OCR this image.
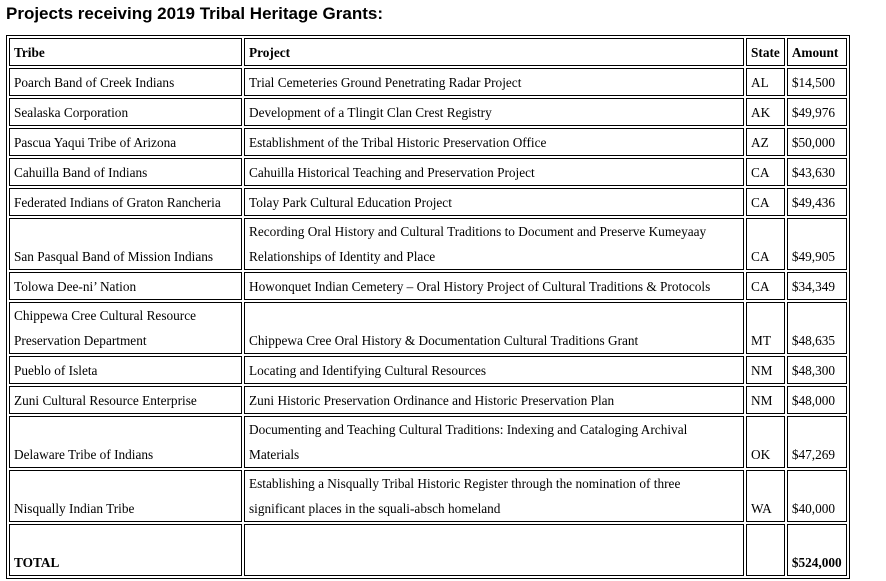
Projects receiving 2019 Tribal Heritage Grants:
Tribe	Project	State	Amount
Poarch Band of Creek Indians	Trial Cemeteries Ground Penetrating Radar Project	AL	$14,500
Sealaska Corporation	Development of a Tlingit Clan Crest Registry	AK	$49,976
Pascua Yaqui Tribe of Arizona	Establishment of the Tribal Historic Preservation Office	AZ	$50,000
Cahuilla Band of Indians	Cahuilla Historical Teaching and Preservation Project	CA	$43,630
Federated Indians of Graton Rancheria	Tolay Park Cultural Education Project	CA	$49,436
San Pasqual Band of Mission Indians	Recording Oral History and Cultural Traditions to Document and Preserve Kumeyaay Relationships of Identity and Place	CA	$49,905
Tolowa Dee-ni’ Nation	Howonquet Indian Cemetery – Oral History Project of Cultural Traditions & Protocols	CA	$34,349
Chippewa Cree Cultural Resource Preservation Department	Chippewa Cree Oral History & Documentation Cultural Traditions Grant	MT	$48,635
Pueblo of Isleta	Locating and Identifying Cultural Resources	NM	$48,300
Zuni Cultural Resource Enterprise	Zuni Historic Preservation Ordinance and Historic Preservation Plan	NM	$48,000
Delaware Tribe of Indians	Documenting and Teaching Cultural Traditions: Indexing and Cataloging Archival Materials	OK	$47,269
Nisqually Indian Tribe	Establishing a Nisqually Tribal Historic Register through the nomination of three significant places in the squali-absch homeland	WA	$40,000
TOTAL			$524,000
